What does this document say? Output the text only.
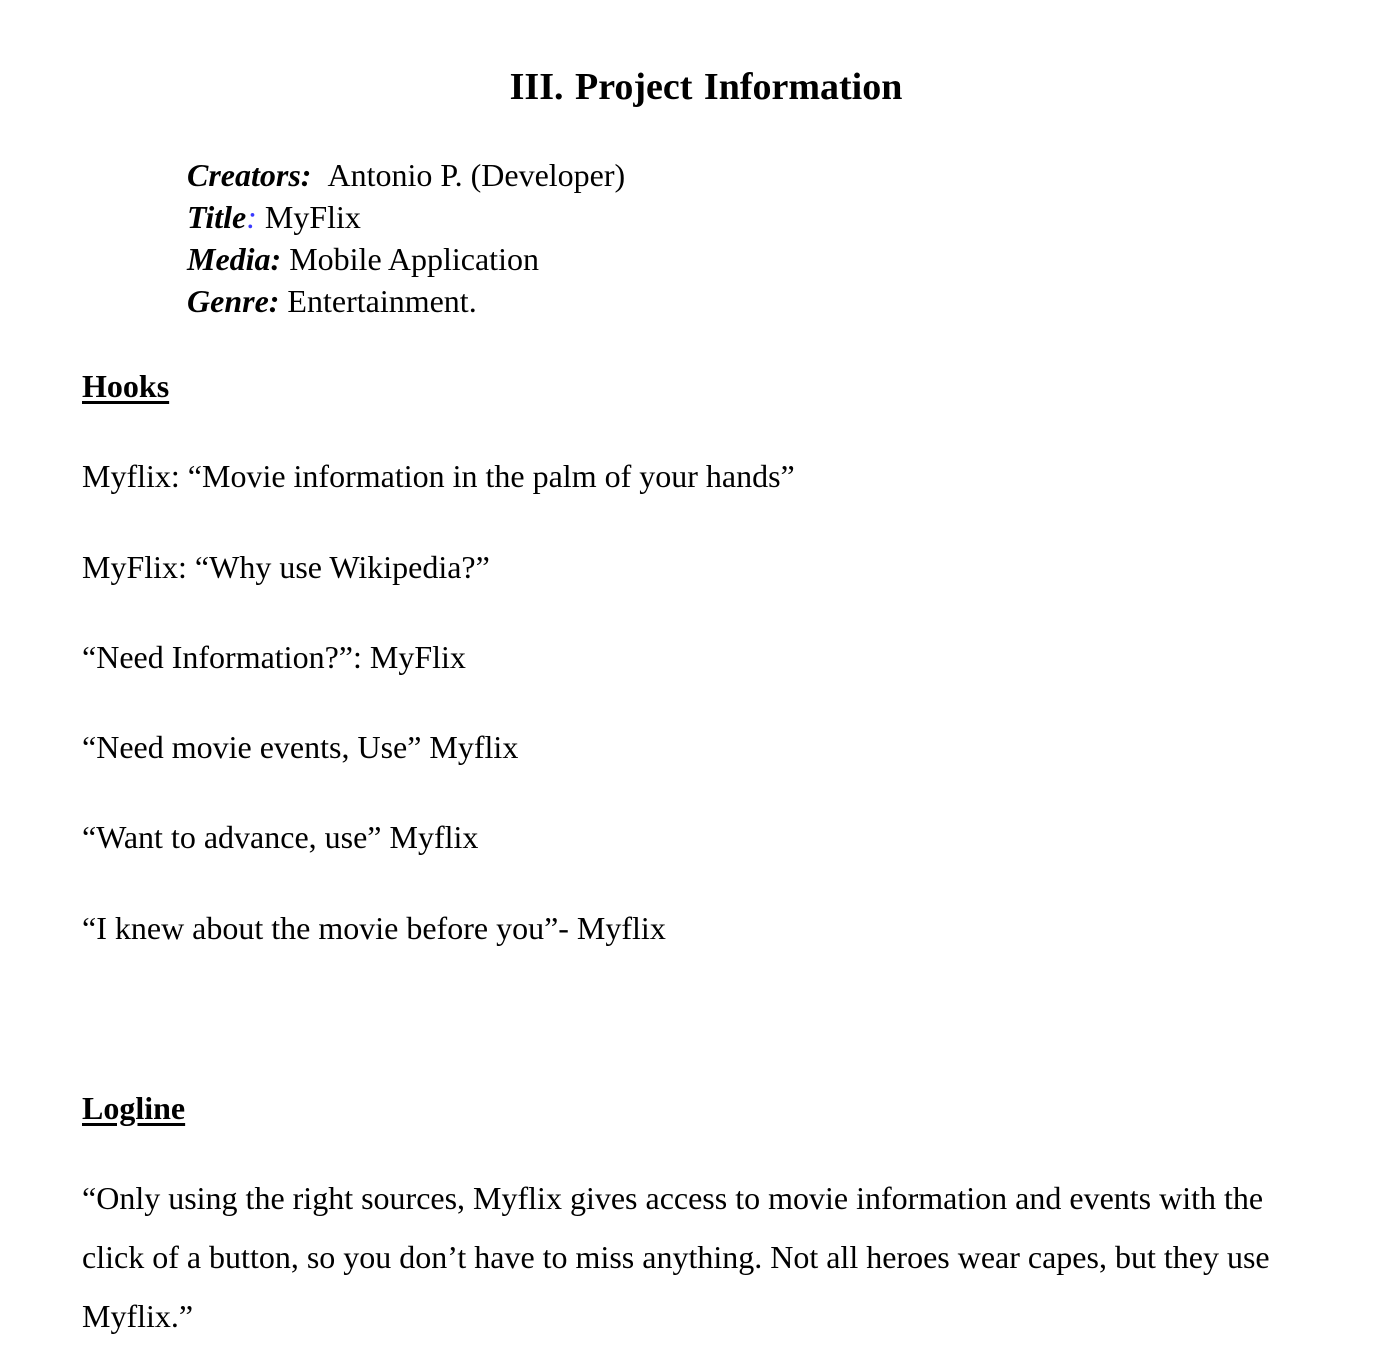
III. Project Information
Creators: Antonio P. (Developer)
Title: MyFlix
Media: Mobile Application
Genre: Entertainment.
Hooks

Myflix: “Movie information in the palm of your hands”

MyFlix: “Why use Wikipedia?”

“Need Information?”: MyFlix

“Need movie events, Use” Myflix

“Want to advance, use” Myflix

“I knew about the movie before you”- Myflix

Logline

“Only using the right sources, Myflix gives access to movie information and events with the click of a button, so you don’t have to miss anything. Not all heroes wear capes, but they use Myflix.”
